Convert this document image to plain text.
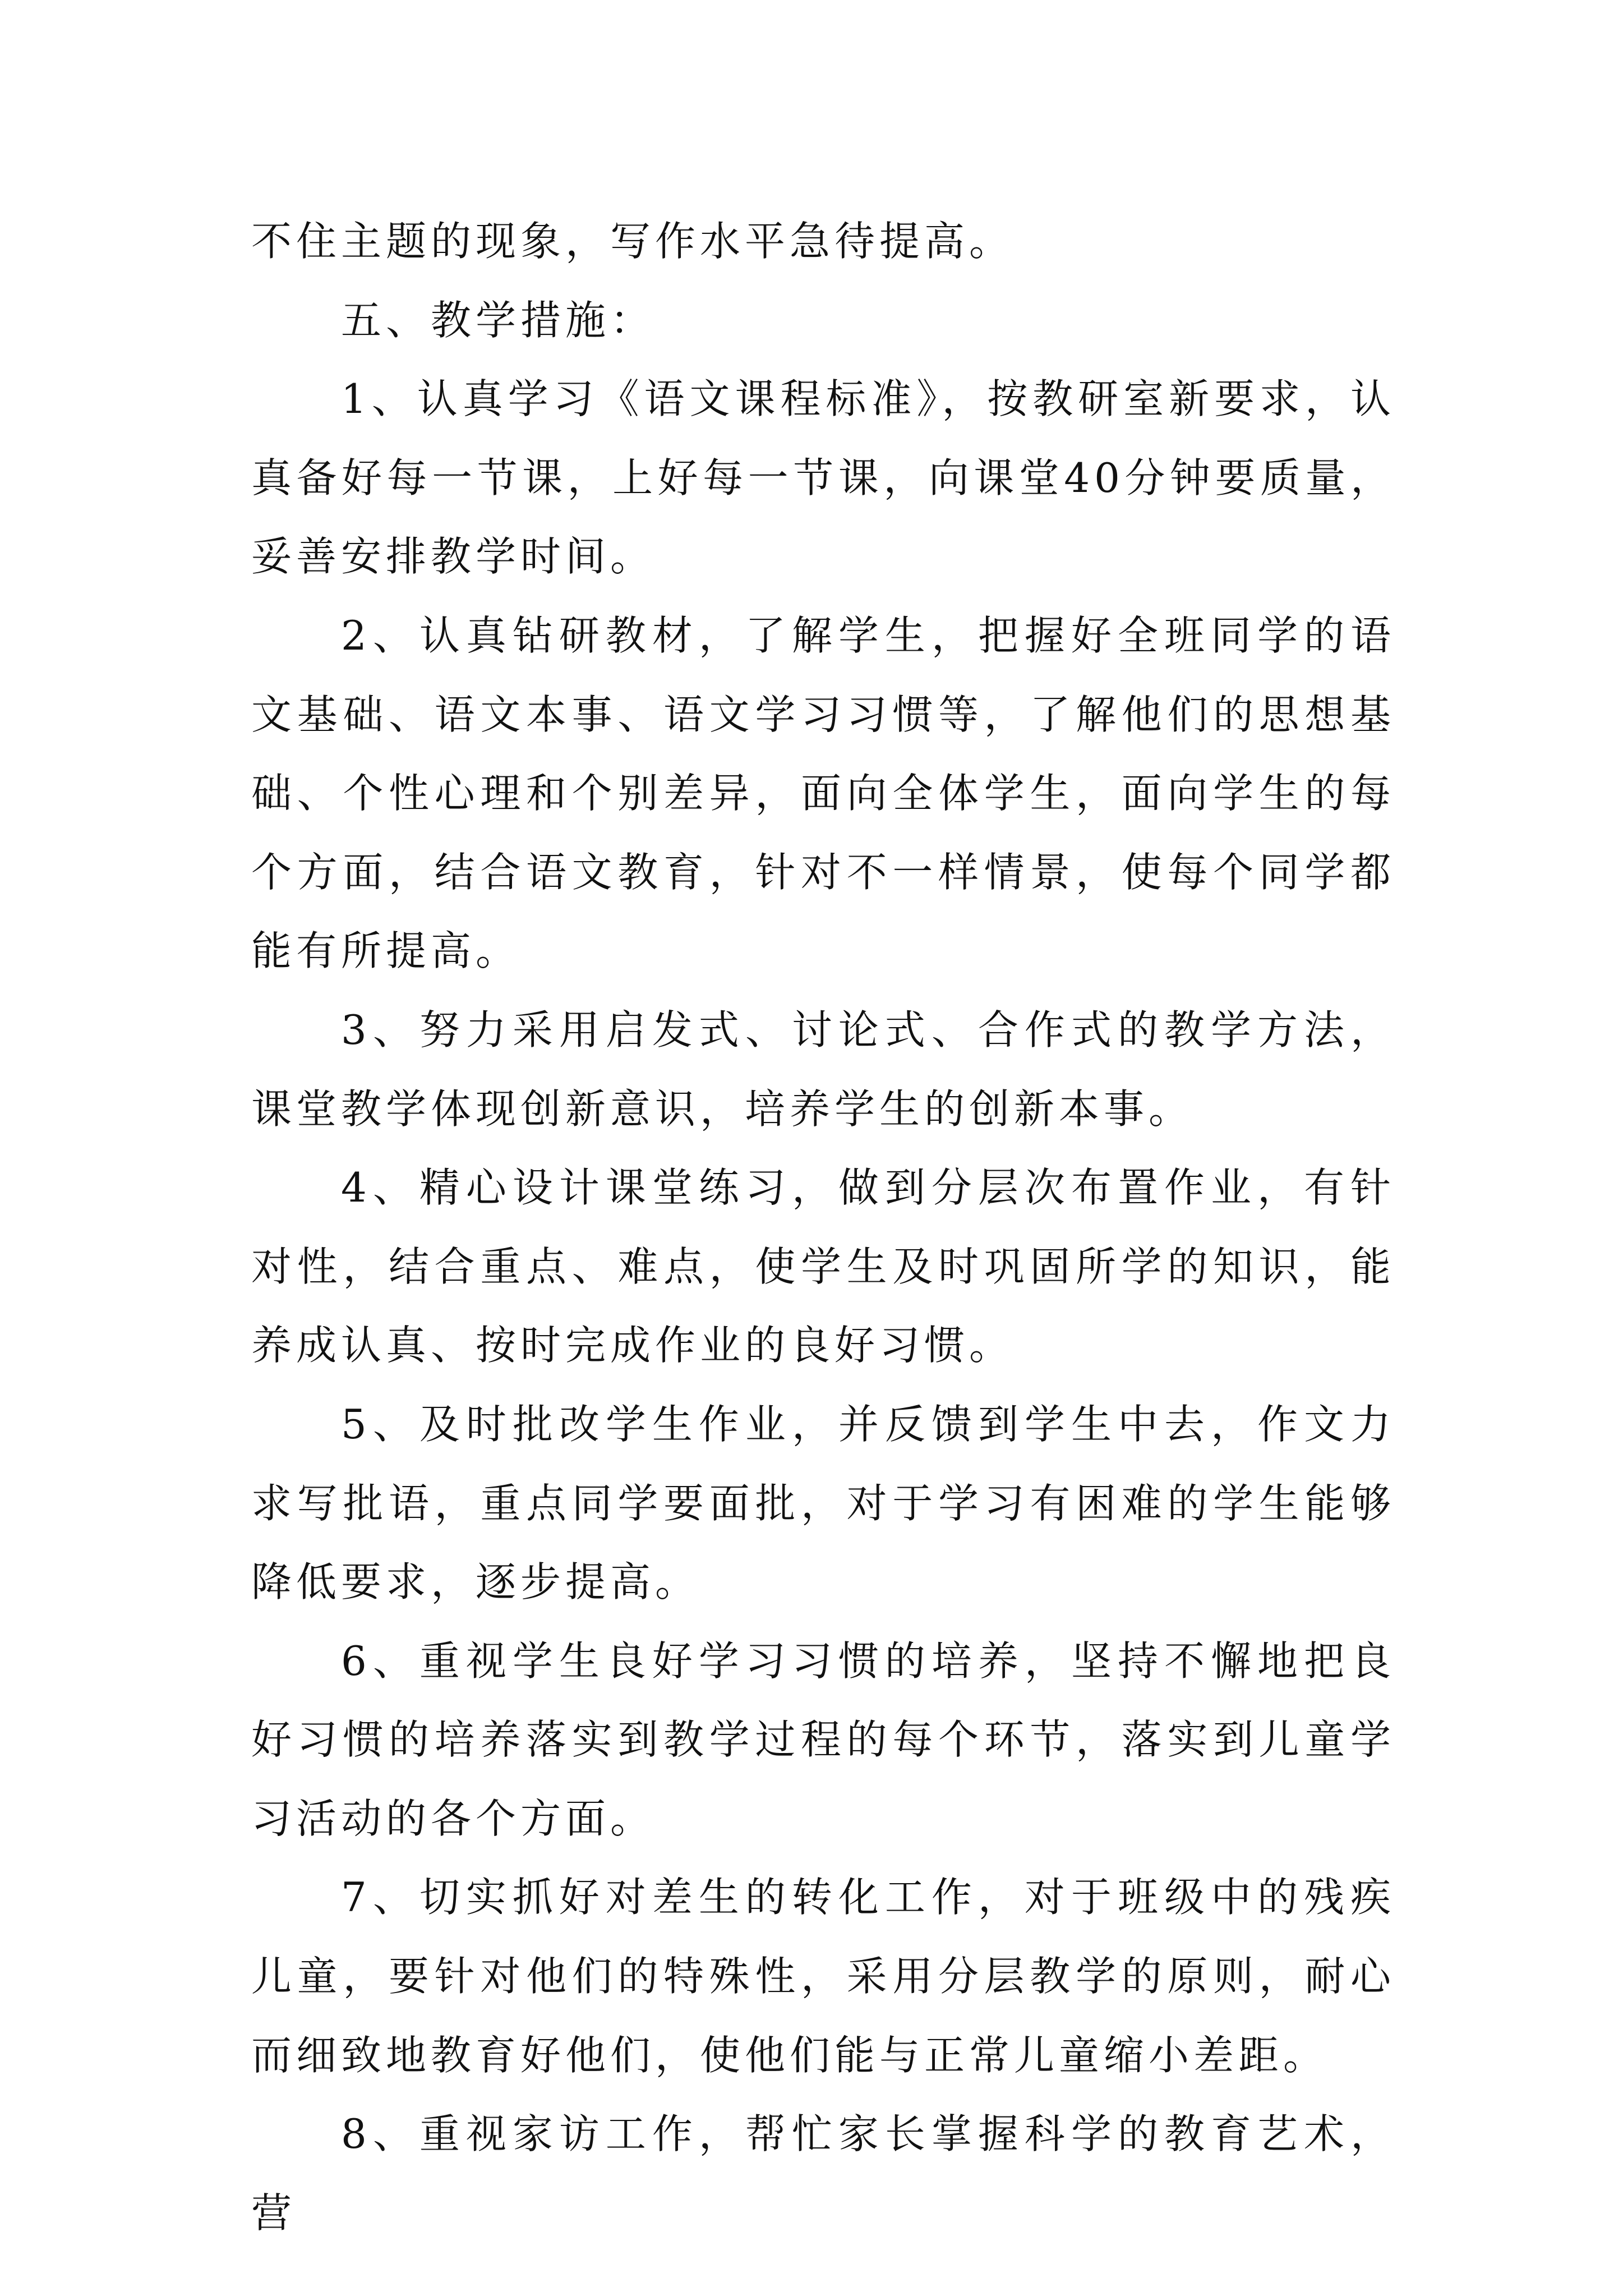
不住主题的现象，写作水平急待提高。

五、教学措施：

1、认真学习《语文课程标准》，按教研室新要求，认真备好每一节课，上好每一节课，向课堂40分钟要质量，妥善安排教学时间。

2、认真钻研教材，了解学生，把握好全班同学的语文基础、语文本事、语文学习习惯等，了解他们的思想基础、个性心理和个别差异，面向全体学生，面向学生的每个方面，结合语文教育，针对不一样情景，使每个同学都能有所提高。

3、努力采用启发式、讨论式、合作式的教学方法，课堂教学体现创新意识，培养学生的创新本事。

4、精心设计课堂练习，做到分层次布置作业，有针对性，结合重点、难点，使学生及时巩固所学的知识，能养成认真、按时完成作业的良好习惯。

5、及时批改学生作业，并反馈到学生中去，作文力求写批语，重点同学要面批，对于学习有困难的学生能够降低要求，逐步提高。

6、重视学生良好学习习惯的培养，坚持不懈地把良好习惯的培养落实到教学过程的每个环节，落实到儿童学习活动的各个方面。

7、切实抓好对差生的转化工作，对于班级中的残疾儿童，要针对他们的特殊性，采用分层教学的原则，耐心而细致地教育好他们，使他们能与正常儿童缩小差距。

8、重视家访工作，帮忙家长掌握科学的教育艺术，营
